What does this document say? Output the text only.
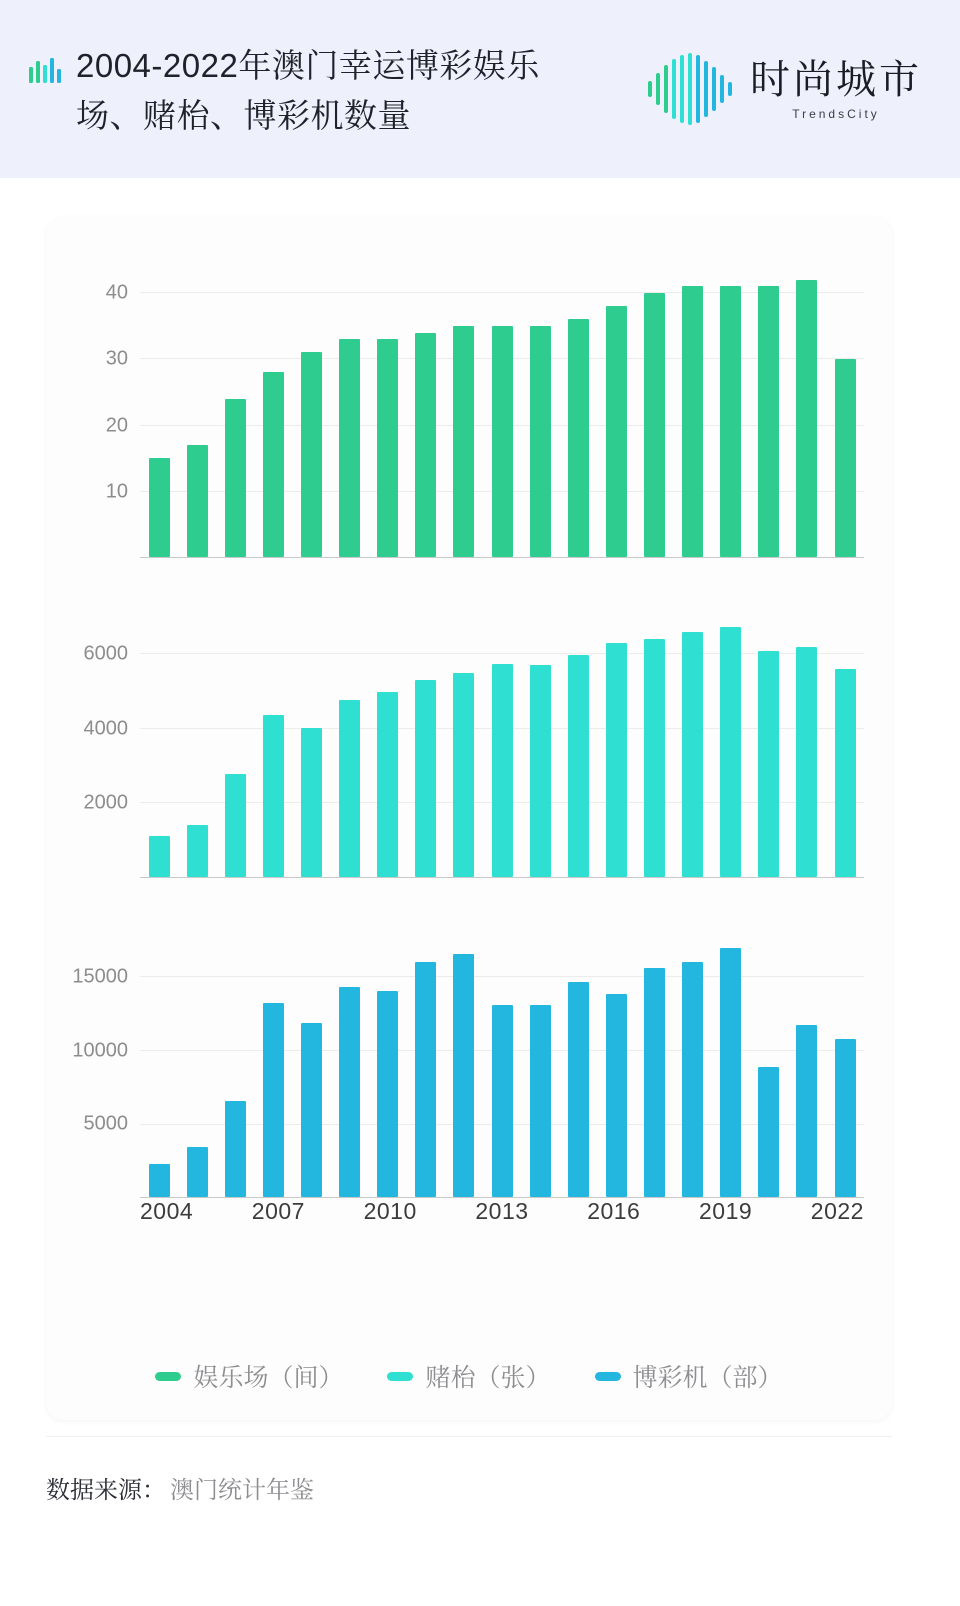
2004-2022年澳门幸运博彩娱乐场、赌枱、博彩机数量
时尚城市
TrendsCity
10
20
30
40
2000
4000
6000
5000
10000
15000
2004	2007	2010	2013	2016	2019	2022
娱乐场（间）	赌枱（张）	博彩机（部）
数据来源： 澳门统计年鉴
